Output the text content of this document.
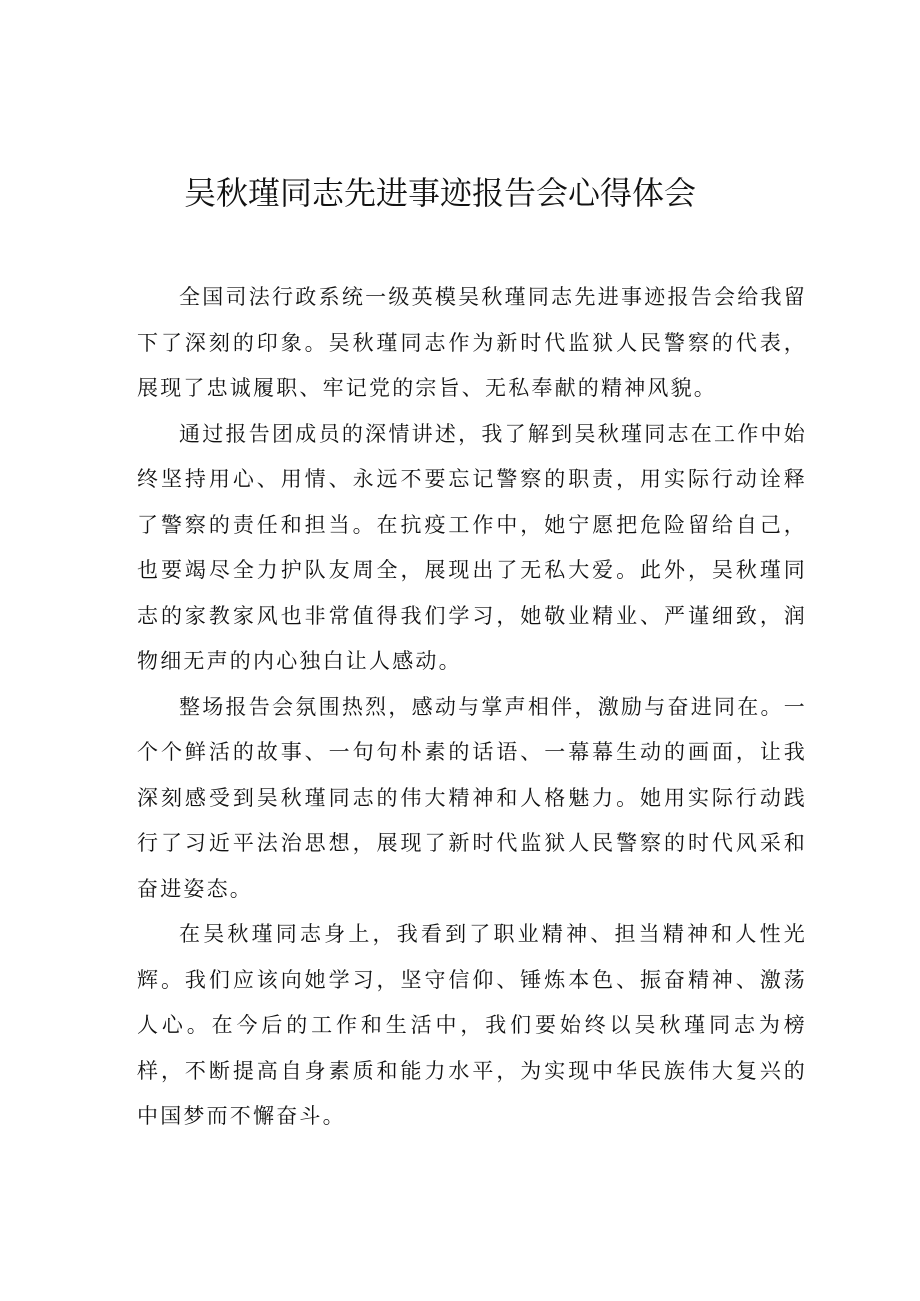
吴秋瑾同志先进事迹报告会心得体会

全国司法行政系统一级英模吴秋瑾同志先进事迹报告会给我留下了深刻的印象。吴秋瑾同志作为新时代监狱人民警察的代表，展现了忠诚履职、牢记党的宗旨、无私奉献的精神风貌。

通过报告团成员的深情讲述，我了解到吴秋瑾同志在工作中始终坚持用心、用情、永远不要忘记警察的职责，用实际行动诠释了警察的责任和担当。在抗疫工作中，她宁愿把危险留给自己，也要竭尽全力护队友周全，展现出了无私大爱。此外，吴秋瑾同志的家教家风也非常值得我们学习，她敬业精业、严谨细致，润物细无声的内心独白让人感动。

整场报告会氛围热烈，感动与掌声相伴，激励与奋进同在。一个个鲜活的故事、一句句朴素的话语、一幕幕生动的画面，让我深刻感受到吴秋瑾同志的伟大精神和人格魅力。她用实际行动践行了习近平法治思想，展现了新时代监狱人民警察的时代风采和奋进姿态。

在吴秋瑾同志身上，我看到了职业精神、担当精神和人性光辉。我们应该向她学习，坚守信仰、锤炼本色、振奋精神、激荡人心。在今后的工作和生活中，我们要始终以吴秋瑾同志为榜样，不断提高自身素质和能力水平，为实现中华民族伟大复兴的中国梦而不懈奋斗。
